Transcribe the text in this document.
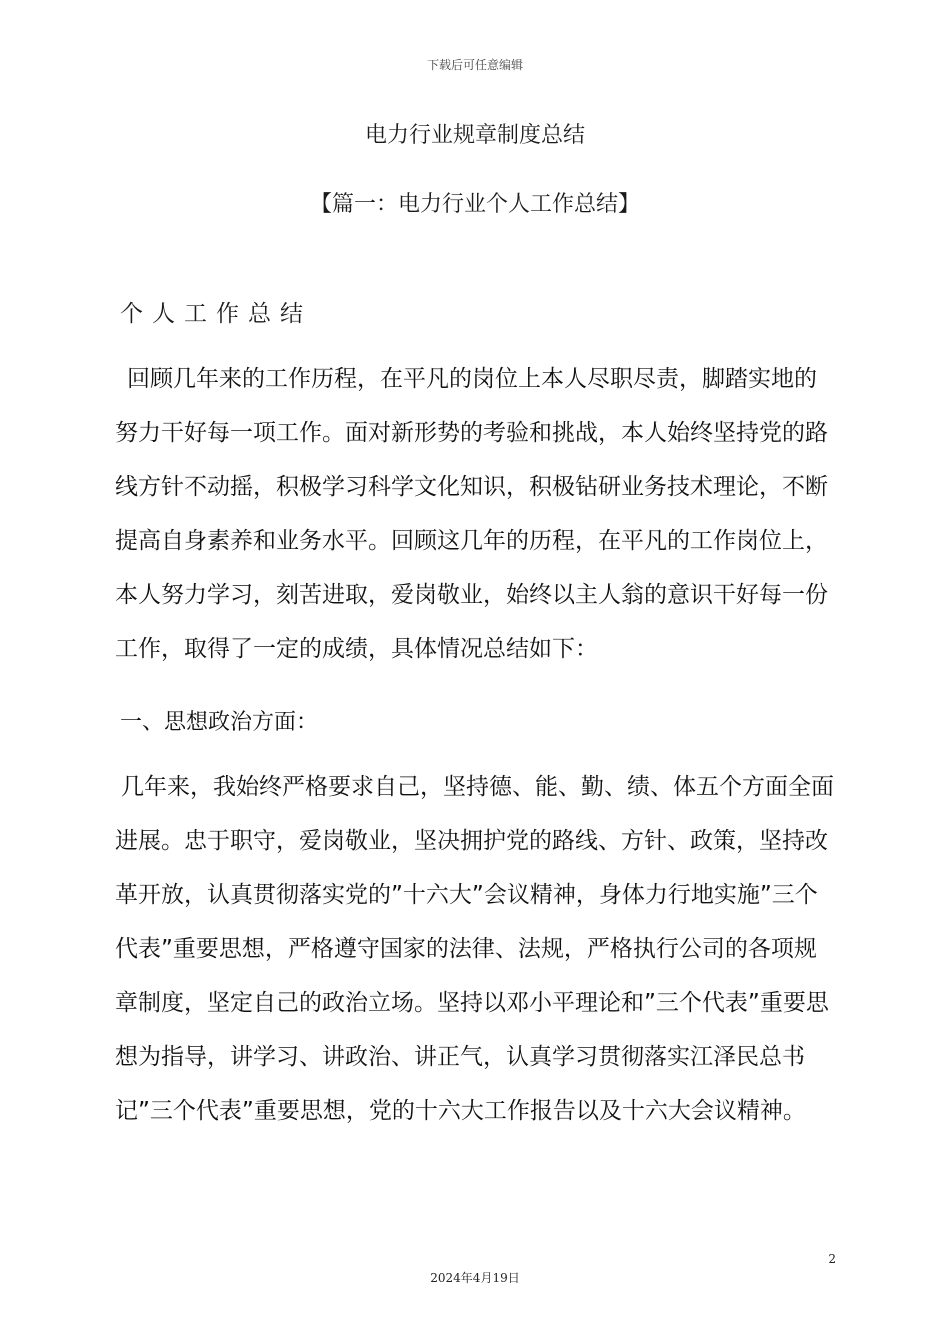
下载后可任意编辑
电力行业规章制度总结
【篇一：电力行业个人工作总结】
个人工作总结

回顾几年来的工作历程，在平凡的岗位上本人尽职尽责，脚踏实地的努力干好每一项工作。面对新形势的考验和挑战，本人始终坚持党的路线方针不动摇，积极学习科学文化知识，积极钻研业务技术理论，不断提高自身素养和业务水平。回顾这几年的历程，在平凡的工作岗位上，本人努力学习，刻苦进取，爱岗敬业，始终以主人翁的意识干好每一份工作，取得了一定的成绩，具体情况总结如下：

一、思想政治方面：

几年来，我始终严格要求自己，坚持德、能、勤、绩、体五个方面全面进展。忠于职守，爱岗敬业，坚决拥护党的路线、方针、政策，坚持改革开放，认真贯彻落实党的”十六大”会议精神，身体力行地实施”三个代表”重要思想，严格遵守国家的法律、法规，严格执行公司的各项规章制度，坚定自己的政治立场。坚持以邓小平理论和”三个代表”重要思想为指导，讲学习、讲政治、讲正气，认真学习贯彻落实江泽民总书记”三个代表”重要思想，党的十六大工作报告以及十六大会议精神。

2
2024年4月19日
